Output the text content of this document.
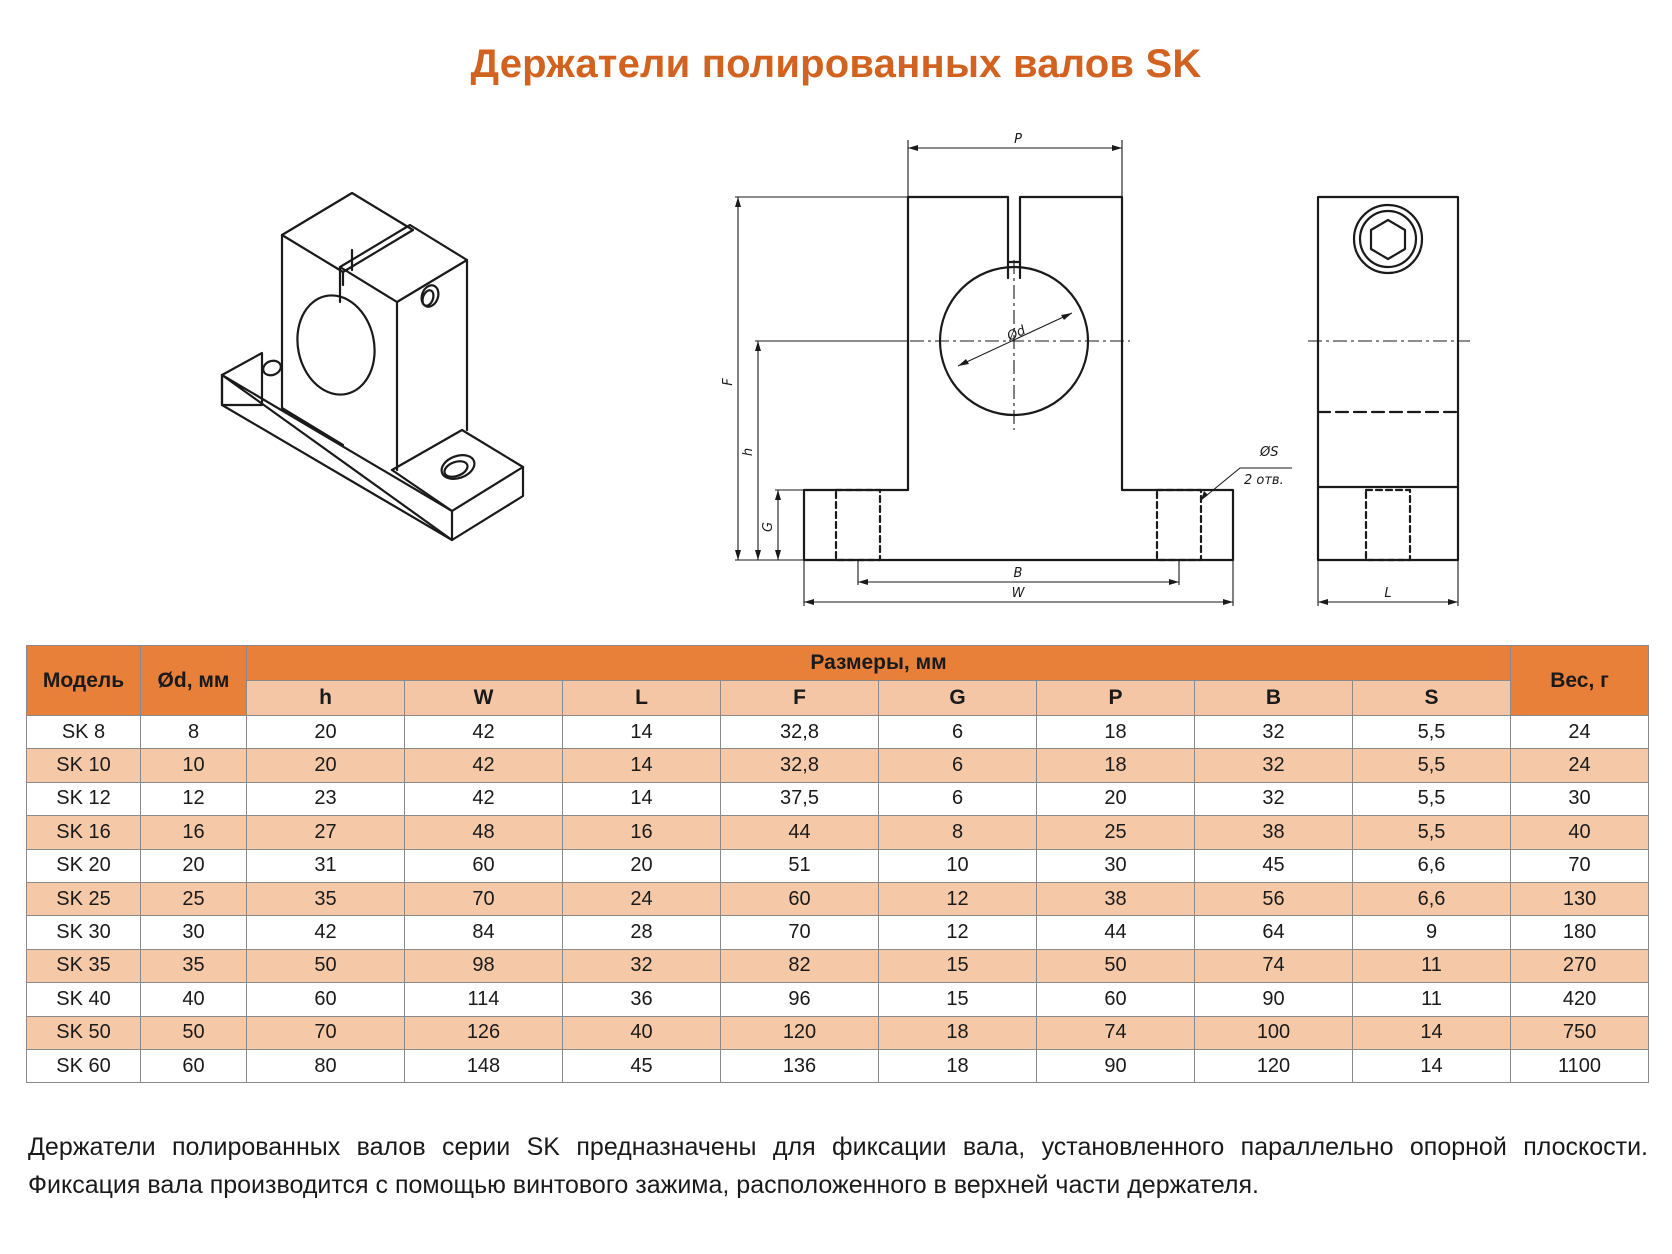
Держатели полированных валов SK
P
Ød
F
h
G
ØS
2 отв.
B
W	L
Модель	Ød, мм	Размеры, мм								Вес, г
		h	W	L	F	G	P	B	S	
SK 8	8	20	42	14	32,8	6	18	32	5,5	24
SK 10	10	20	42	14	32,8	6	18	32	5,5	24
SK 12	12	23	42	14	37,5	6	20	32	5,5	30
SK 16	16	27	48	16	44	8	25	38	5,5	40
SK 20	20	31	60	20	51	10	30	45	6,6	70
SK 25	25	35	70	24	60	12	38	56	6,6	130
SK 30	30	42	84	28	70	12	44	64	9	180
SK 35	35	50	98	32	82	15	50	74	11	270
SK 40	40	60	114	36	96	15	60	90	11	420
SK 50	50	70	126	40	120	18	74	100	14	750
SK 60	60	80	148	45	136	18	90	120	14	1100
Держатели полированных валов серии SK предназначены для фиксации вала, установленного параллельно опорной плоскости. Фиксация вала производится с помощью винтового зажима, расположенного в верхней части держателя.
